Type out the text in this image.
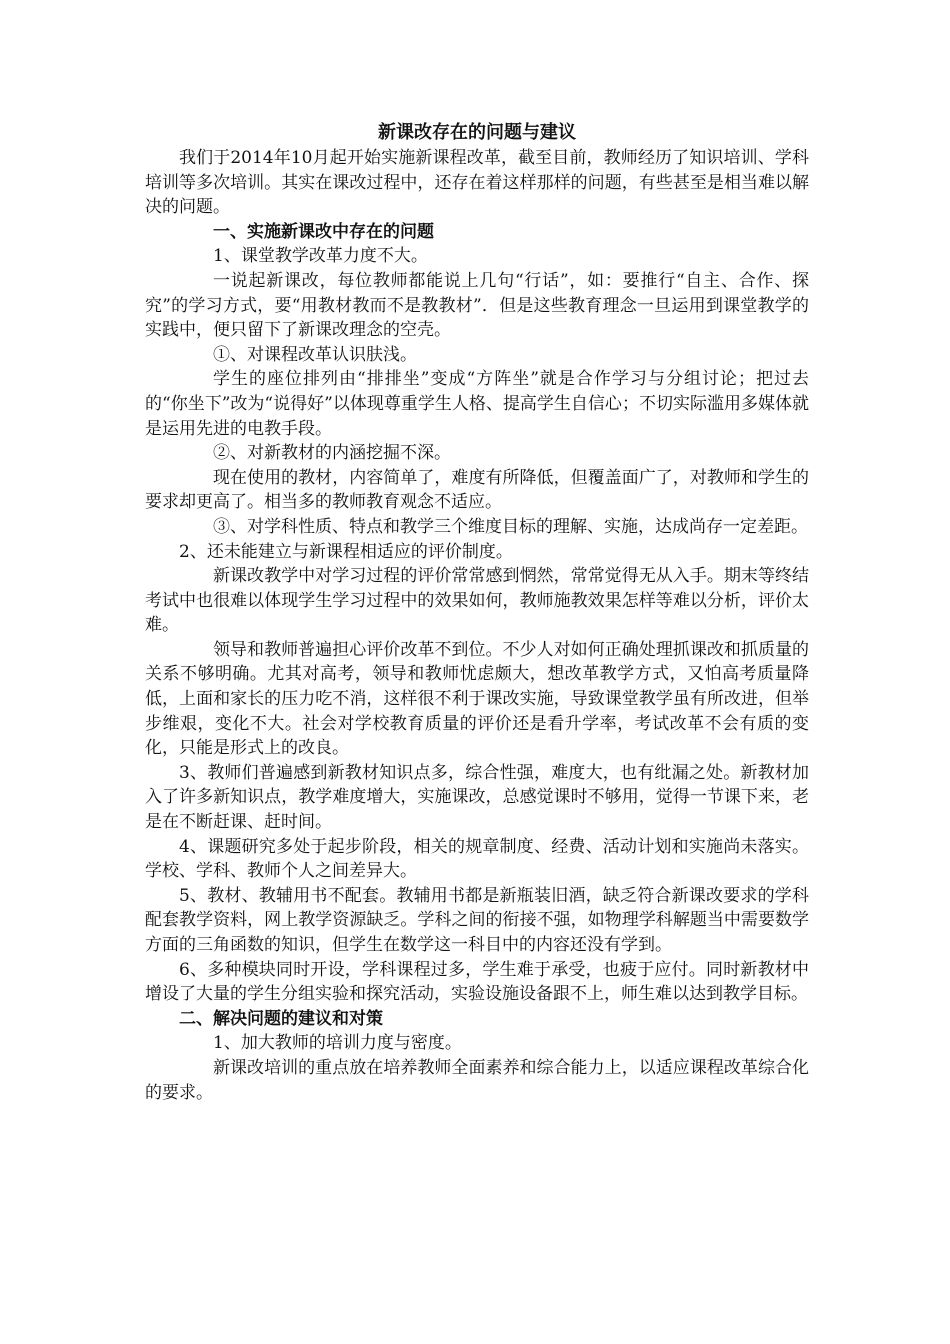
新课改存在的问题与建议

我们于2014年10月起开始实施新课程改革，截至目前，教师经历了知识培训、学科培训等多次培训。其实在课改过程中，还存在着这样那样的问题，有些甚至是相当难以解决的问题。

一、实施新课改中存在的问题

1、课堂教学改革力度不大。

一说起新课改，每位教师都能说上几句“行话”，如：要推行“自主、合作、探究”的学习方式，要“用教材教而不是教教材”．但是这些教育理念一旦运用到课堂教学的实践中，便只留下了新课改理念的空壳。

①、对课程改革认识肤浅。

学生的座位排列由“排排坐”变成“方阵坐”就是合作学习与分组讨论；把过去的“你坐下”改为“说得好”以体现尊重学生人格、提高学生自信心；不切实际滥用多媒体就是运用先进的电教手段。

②、对新教材的内涵挖掘不深。

现在使用的教材，内容简单了，难度有所降低，但覆盖面广了，对教师和学生的要求却更高了。相当多的教师教育观念不适应。

③、对学科性质、特点和教学三个维度目标的理解、实施，达成尚存一定差距。

2、还未能建立与新课程相适应的评价制度。

新课改教学中对学习过程的评价常常感到惘然，常常觉得无从入手。期末等终结考试中也很难以体现学生学习过程中的效果如何，教师施教效果怎样等难以分析，评价太难。

领导和教师普遍担心评价改革不到位。不少人对如何正确处理抓课改和抓质量的关系不够明确。尤其对高考，领导和教师忧虑颇大，想改革教学方式，又怕高考质量降低，上面和家长的压力吃不消，这样很不利于课改实施，导致课堂教学虽有所改进，但举步维艰，变化不大。社会对学校教育质量的评价还是看升学率，考试改革不会有质的变化，只能是形式上的改良。

3、教师们普遍感到新教材知识点多，综合性强，难度大，也有纰漏之处。新教材加入了许多新知识点，教学难度增大，实施课改，总感觉课时不够用，觉得一节课下来，老是在不断赶课、赶时间。

4、课题研究多处于起步阶段，相关的规章制度、经费、活动计划和实施尚未落实。学校、学科、教师个人之间差异大。

5、教材、教辅用书不配套。教辅用书都是新瓶装旧酒，缺乏符合新课改要求的学科配套教学资料，网上教学资源缺乏。学科之间的衔接不强，如物理学科解题当中需要数学方面的三角函数的知识，但学生在数学这一科目中的内容还没有学到。

6、多种模块同时开设，学科课程过多，学生难于承受，也疲于应付。同时新教材中增设了大量的学生分组实验和探究活动，实验设施设备跟不上，师生难以达到教学目标。

二、解决问题的建议和对策

1、加大教师的培训力度与密度。

新课改培训的重点放在培养教师全面素养和综合能力上，以适应课程改革综合化的要求。
